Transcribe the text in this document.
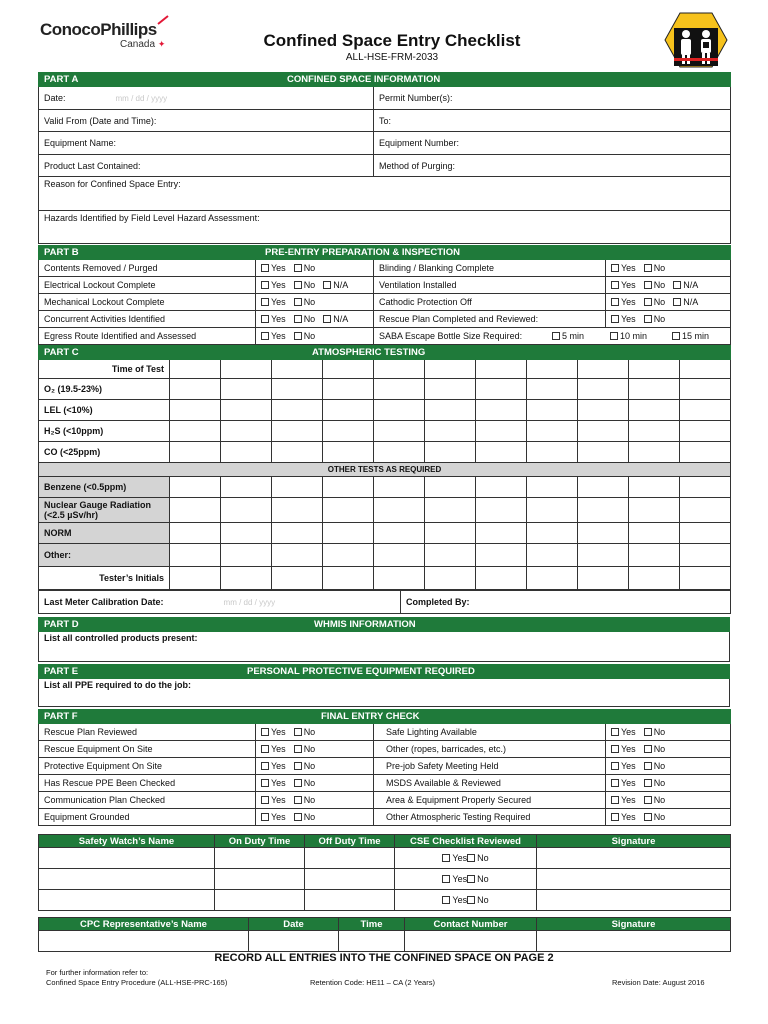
ConocoPhillips
Canada ✦	Confined Space Entry Checklist
ALL-HSE-FRM-2033
PART A CONFINED SPACE INFORMATION	

Date: mm / dd / yyyy	Permit Number(s):
Valid From (Date and Time):	To:
Equipment Name:	Equipment Number:
Product Last Contained:	Method of Purging:
Reason for Confined Space Entry:	
Hazards Identified by Field Level Hazard Assessment:	
PART B PRE-ENTRY PREPARATION & INSPECTION			

Contents Removed / Purged	Yes No	Blinding / Blanking Complete	Yes No
Electrical Lockout Complete	Yes No N/A	Ventilation Installed	Yes No N/A
Mechanical Lockout Complete	Yes No	Cathodic Protection Off	Yes No N/A
Concurrent Activities Identified	Yes No N/A	Rescue Plan Completed and Reviewed:	Yes No
Egress Route Identified and Assessed	Yes No	SABA Escape Bottle Size Required: 5 min 10 min 15 min	
PART C ATMOSPHERIC TESTING											

Time of Test											
O₂ (19.5-23%)											
LEL (<10%)											
H₂S (<10ppm)											
CO (<25ppm)											
OTHER TESTS AS REQUIRED											
Benzene (<0.5ppm)											

Nuclear Gauge Radiation
(<2.5 µSv/hr)											

NORM											
Other:											
Tester’s Initials											
Last Meter Calibration Date:	mm / dd / yyyy	Completed By:
PART D	WHMIS INFORMATION

List all controlled products present:
PART E	PERSONAL PROTECTIVE EQUIPMENT REQUIRED

List all PPE required to do the job:
PART F FINAL ENTRY CHECK			

Rescue Plan Reviewed	Yes No	Safe Lighting Available	Yes No
Rescue Equipment On Site	Yes No	Other (ropes, barricades, etc.)	Yes No
Protective Equipment On Site	Yes No	Pre-job Safety Meeting Held	Yes No
Has Rescue PPE Been Checked	Yes No	MSDS Available & Reviewed	Yes No
Communication Plan Checked	Yes No	Area & Equipment Properly Secured	Yes No
Equipment Grounded	Yes No	Other Atmospheric Testing Required	Yes No
Safety Watch’s Name	On Duty Time	Off Duty Time	CSE Checklist Reviewed	Signature
			Yes No	
			Yes No	
			Yes No	
CPC Representative’s Name	Date	Time	Contact Number	Signature

RECORD ALL ENTRIES INTO THE CONFINED SPACE ON PAGE 2
For further information refer to:
Confined Space Entry Procedure (ALL-HSE-PRC-165)	Retention Code: HE11 – CA (2 Years)	Revision Date: August 2016
